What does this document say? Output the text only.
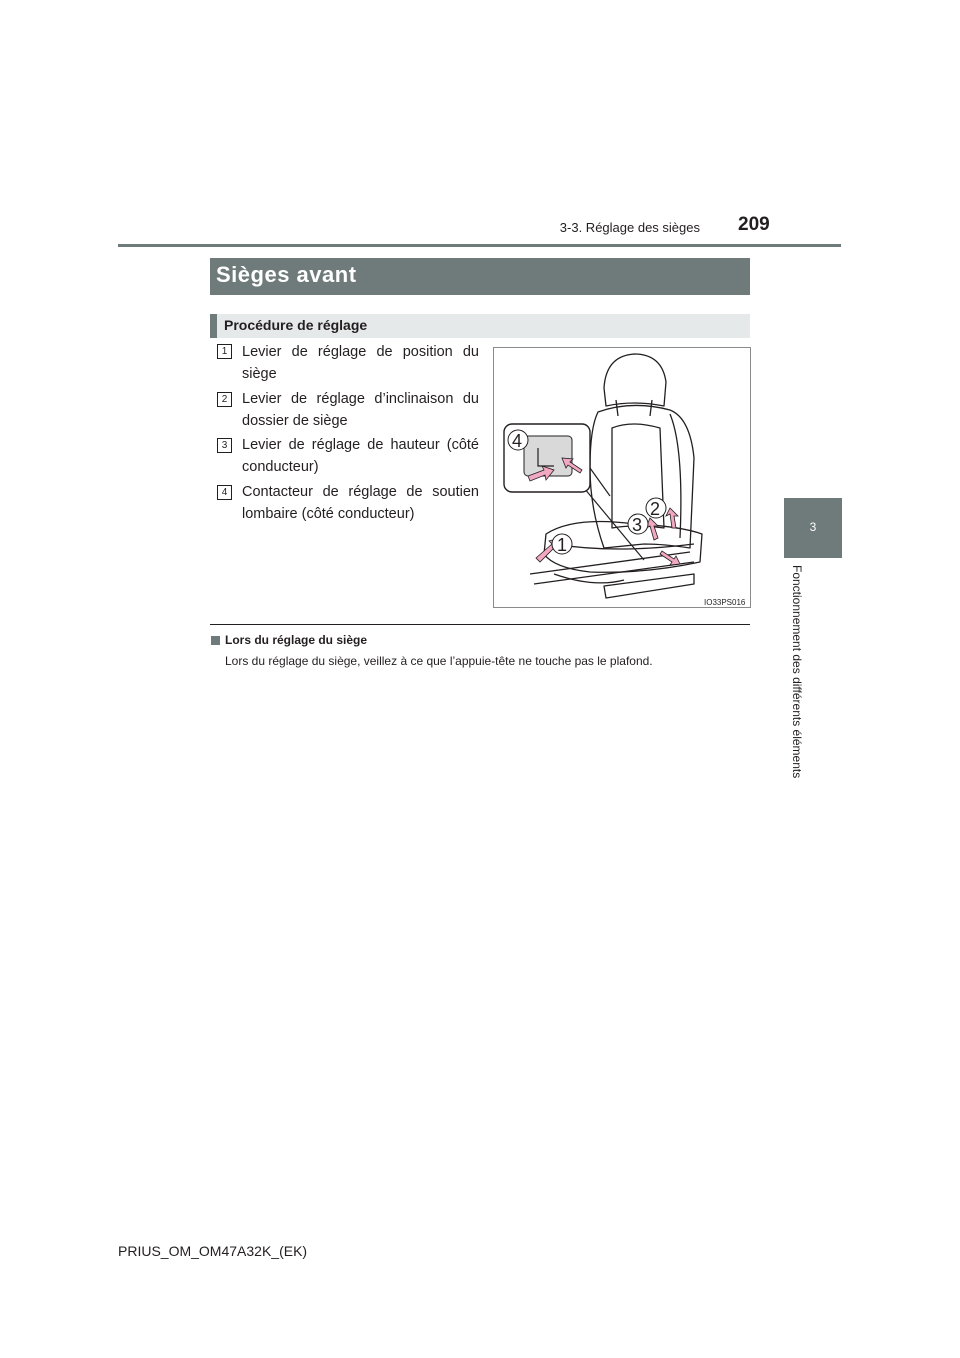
3-3. Réglage des sièges 209
3
Fonctionnement des différents éléments
Sièges avant
Procédure de réglage
1	Levier de réglage de position du siège
2	Levier de réglage d’inclinaison du dossier de siège
3	Levier de réglage de hauteur (côté conducteur)
4	Contacteur de réglage de soutien lombaire (côté conducteur)
4
2
3
1
IO33PS016
Lors du réglage du siège
Lors du réglage du siège, veillez à ce que l’appuie-tête ne touche pas le plafond.
PRIUS_OM_OM47A32K_(EK)
